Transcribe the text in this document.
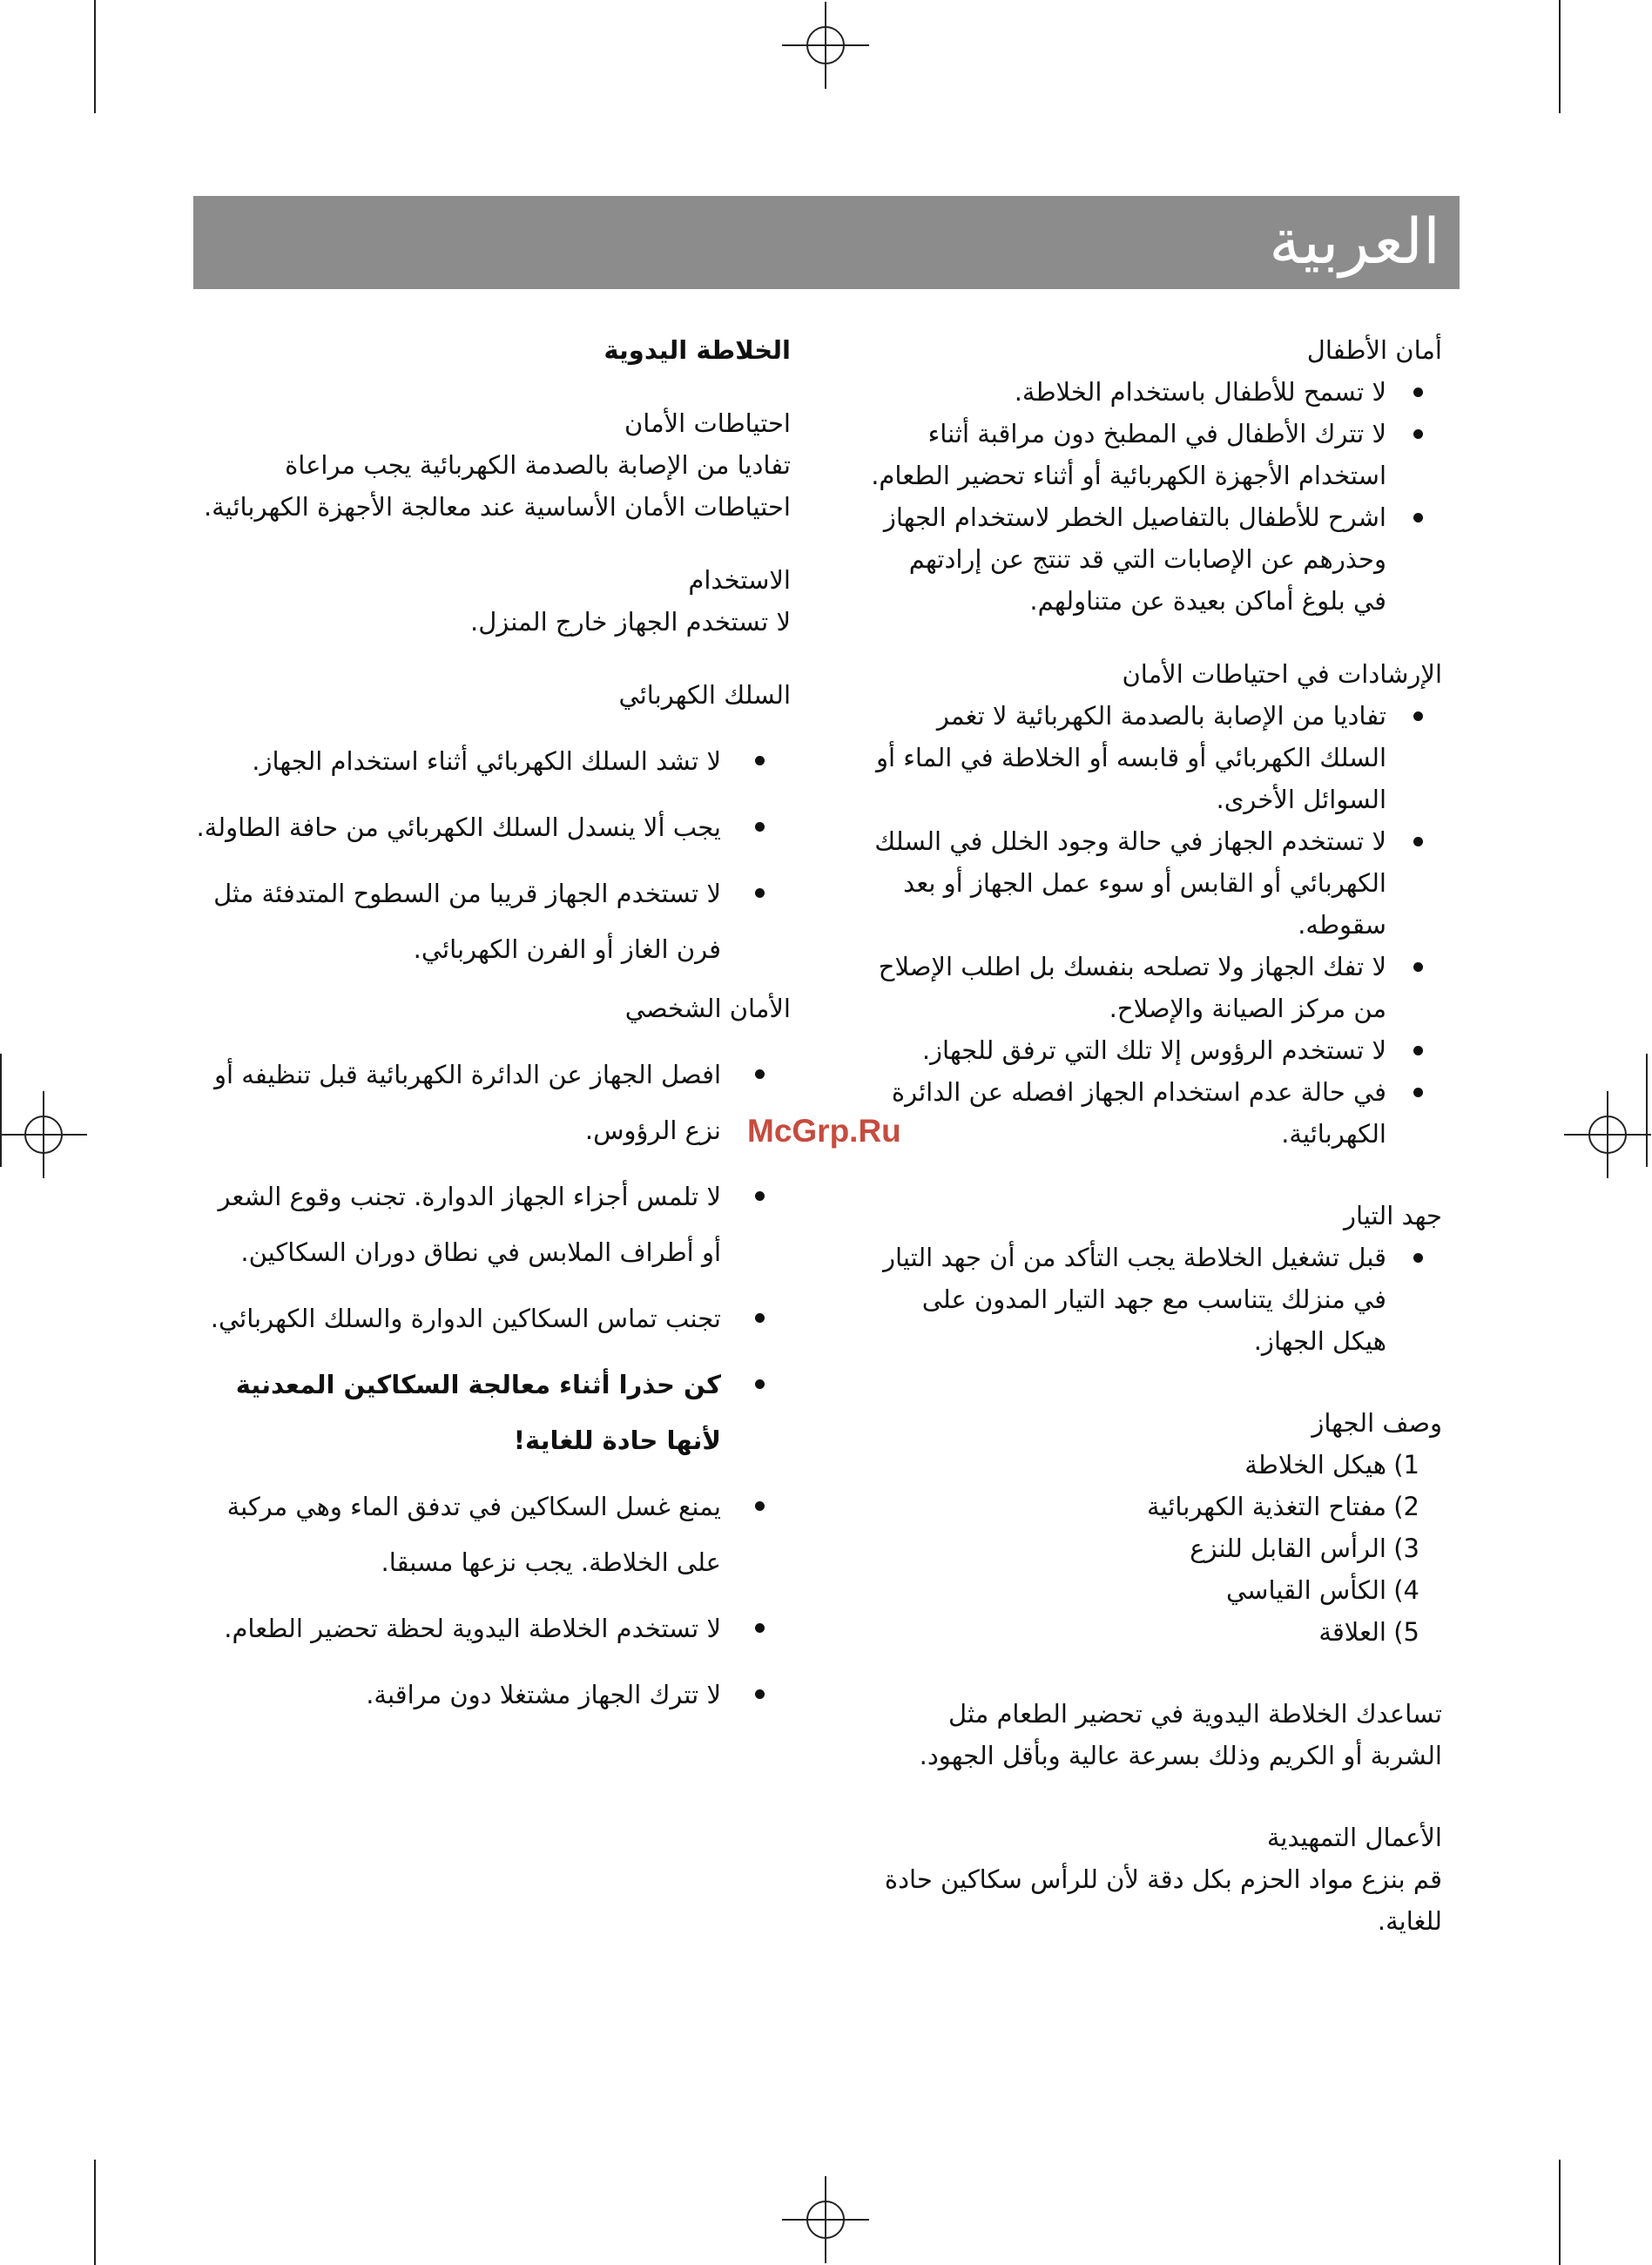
العربية

أمان الأطفال

لا تسمح للأطفال باستخدام الخلاطة.
لا تترك الأطفال في المطبخ دون مراقبة أثناء استخدام الأجهزة الكهربائية أو أثناء تحضير الطعام.
اشرح للأطفال بالتفاصيل الخطر لاستخدام الجهاز وحذرهم عن الإصابات التي قد تنتج عن إرادتهم في بلوغ أماكن بعيدة عن متناولهم.

الإرشادات في احتياطات الأمان

تفاديا من الإصابة بالصدمة الكهربائية لا تغمر السلك الكهربائي أو قابسه أو الخلاطة في الماء أو السوائل الأخرى.
لا تستخدم الجهاز في حالة وجود الخلل في السلك الكهربائي أو القابس أو سوء عمل الجهاز أو بعد سقوطه.
لا تفك الجهاز ولا تصلحه بنفسك بل اطلب الإصلاح من مركز الصيانة والإصلاح.
لا تستخدم الرؤوس إلا تلك التي ترفق للجهاز.
في حالة عدم استخدام الجهاز افصله عن الدائرة الكهربائية.

جهد التيار

قبل تشغيل الخلاطة يجب التأكد من أن جهد التيار في منزلك يتناسب مع جهد التيار المدون على هيكل الجهاز.

وصف الجهاز

1)
هيكل الخلاطة
2)
مفتاح التغذية الكهربائية
3)
الرأس القابل للنزع
4)
الكأس القياسي
5)
العلاقة

تساعدك الخلاطة اليدوية في تحضير الطعام مثل الشربة أو الكريم وذلك بسرعة عالية وبأقل الجهود.

الأعمال التمهيدية

قم بنزع مواد الحزم بكل دقة لأن للرأس سكاكين حادة للغاية.

الخلاطة اليدوية

احتياطات الأمان

تفاديا من الإصابة بالصدمة الكهربائية يجب مراعاة احتياطات الأمان الأساسية عند معالجة الأجهزة الكهربائية.

الاستخدام

لا تستخدم الجهاز خارج المنزل.

السلك الكهربائي

لا تشد السلك الكهربائي أثناء استخدام الجهاز.
يجب ألا ينسدل السلك الكهربائي من حافة الطاولة.
لا تستخدم الجهاز قريبا من السطوح المتدفئة مثل فرن الغاز أو الفرن الكهربائي.

الأمان الشخصي

افصل الجهاز عن الدائرة الكهربائية قبل تنظيفه أو نزع الرؤوس.
لا تلمس أجزاء الجهاز الدوارة. تجنب وقوع الشعر أو أطراف الملابس في نطاق دوران السكاكين.
تجنب تماس السكاكين الدوارة والسلك الكهربائي.
كن حذرا أثناء معالجة السكاكين المعدنية لأنها حادة للغاية!
يمنع غسل السكاكين في تدفق الماء وهي مركبة على الخلاطة. يجب نزعها مسبقا.
لا تستخدم الخلاطة اليدوية لحظة تحضير الطعام.
لا تترك الجهاز مشتغلا دون مراقبة.
McGrp.Ru
